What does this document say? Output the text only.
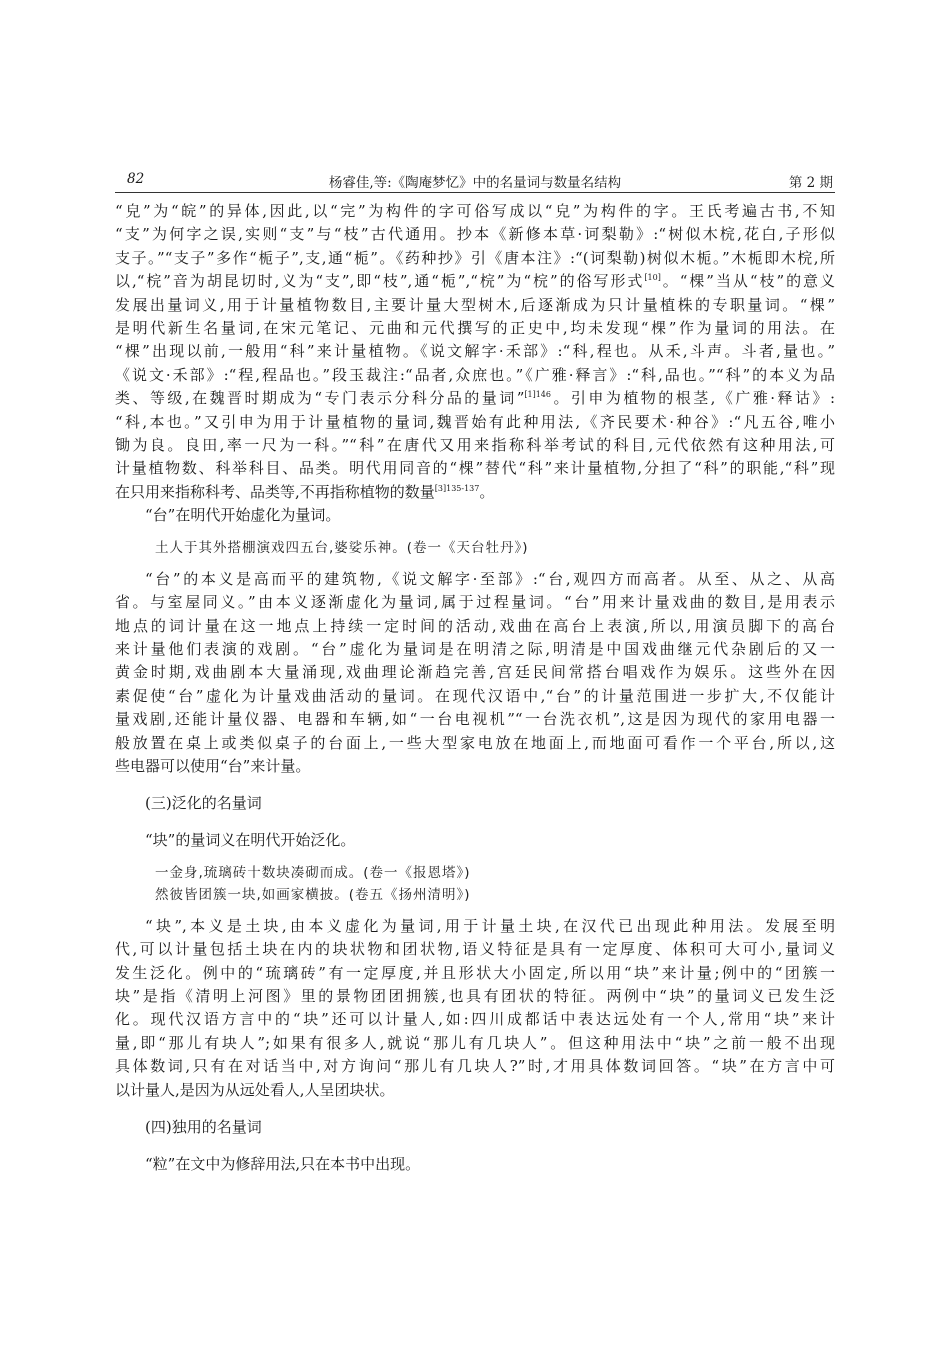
82	杨睿佳,等:《陶庵梦忆》中的名量词与数量名结构	第 2 期

“皃”为“皖”的异体,因此,以“完”为构件的字可俗写成以“皃”为构件的字。王氏考遍古书,不知
“支”为何字之误,实则“支”与“枝”古代通用。抄本《新修本草·诃梨勒》:“树似木梡,花白,子形似
支子。”“支子”多作“栀子”,支,通“栀”。《药种抄》引《唐本注》:“(诃梨勒)树似木栀。”木栀即木梡,所
以,“梡”音为胡昆切时,义为“支”,即“枝”,通“栀”,“梡”为“梡”的俗写形式[10]。“棵”当从“枝”的意义
发展出量词义,用于计量植物数目,主要计量大型树木,后逐渐成为只计量植株的专职量词。“棵”
是明代新生名量词,在宋元笔记、元曲和元代撰写的正史中,均未发现“棵”作为量词的用法。在
“棵”出现以前,一般用“科”来计量植物。《说文解字·禾部》:“科,程也。从禾,斗声。斗者,量也。”
《说文·禾部》:“程,程品也。”段玉裁注:“品者,众庶也。”《广雅·释言》:“科,品也。”“科”的本义为品
类、等级,在魏晋时期成为“专门表示分科分品的量词”$^{[1]146}$。引申为植物的根茎,《广雅·释诂》:
“科,本也。”又引申为用于计量植物的量词,魏晋始有此种用法,《齐民要术·种谷》:“凡五谷,唯小
锄为良。良田,率一尺为一科。”“科”在唐代又用来指称科举考试的科目,元代依然有这种用法,可
计量植物数、科举科目、品类。明代用同音的“棵”替代“科”来计量植物,分担了“科”的职能,“科”现
在只用来指称科考、品类等,不再指称植物的数量$^{[3]135-137}$。

“台”在明代开始虚化为量词。

土人于其外搭棚演戏四五台,婆娑乐神。(卷一《天台牡丹》)

“台”的本义是高而平的建筑物,《说文解字·至部》:“台,观四方而高者。从至、从之、从高
省。与室屋同义。”由本义逐渐虚化为量词,属于过程量词。“台”用来计量戏曲的数目,是用表示
地点的词计量在这一地点上持续一定时间的活动,戏曲在高台上表演,所以,用演员脚下的高台
来计量他们表演的戏剧。“台”虚化为量词是在明清之际,明清是中国戏曲继元代杂剧后的又一
黄金时期,戏曲剧本大量涌现,戏曲理论渐趋完善,宫廷民间常搭台唱戏作为娱乐。这些外在因
素促使“台”虚化为计量戏曲活动的量词。在现代汉语中,“台”的计量范围进一步扩大,不仅能计
量戏剧,还能计量仪器、电器和车辆,如“一台电视机”“一台洗衣机”,这是因为现代的家用电器一
般放置在桌上或类似桌子的台面上,一些大型家电放在地面上,而地面可看作一个平台,所以,这
些电器可以使用“台”来计量。

(三)泛化的名量词

“块”的量词义在明代开始泛化。

一金身,琉璃砖十数块凑砌而成。(卷一《报恩塔》)

然彼皆团簇一块,如画家横披。(卷五《扬州清明》)

“块”,本义是土块,由本义虚化为量词,用于计量土块,在汉代已出现此种用法。发展至明
代,可以计量包括土块在内的块状物和团状物,语义特征是具有一定厚度、体积可大可小,量词义
发生泛化。例中的“琉璃砖”有一定厚度,并且形状大小固定,所以用“块”来计量;例中的“团簇一
块”是指《清明上河图》里的景物团团拥簇,也具有团状的特征。两例中“块”的量词义已发生泛
化。现代汉语方言中的“块”还可以计量人,如:四川成都话中表达远处有一个人,常用“块”来计
量,即“那儿有块人”;如果有很多人,就说“那儿有几块人”。但这种用法中“块”之前一般不出现
具体数词,只有在对话当中,对方询问“那儿有几块人?”时,才用具体数词回答。“块”在方言中可
以计量人,是因为从远处看人,人呈团块状。

(四)独用的名量词

“粒”在文中为修辞用法,只在本书中出现。
